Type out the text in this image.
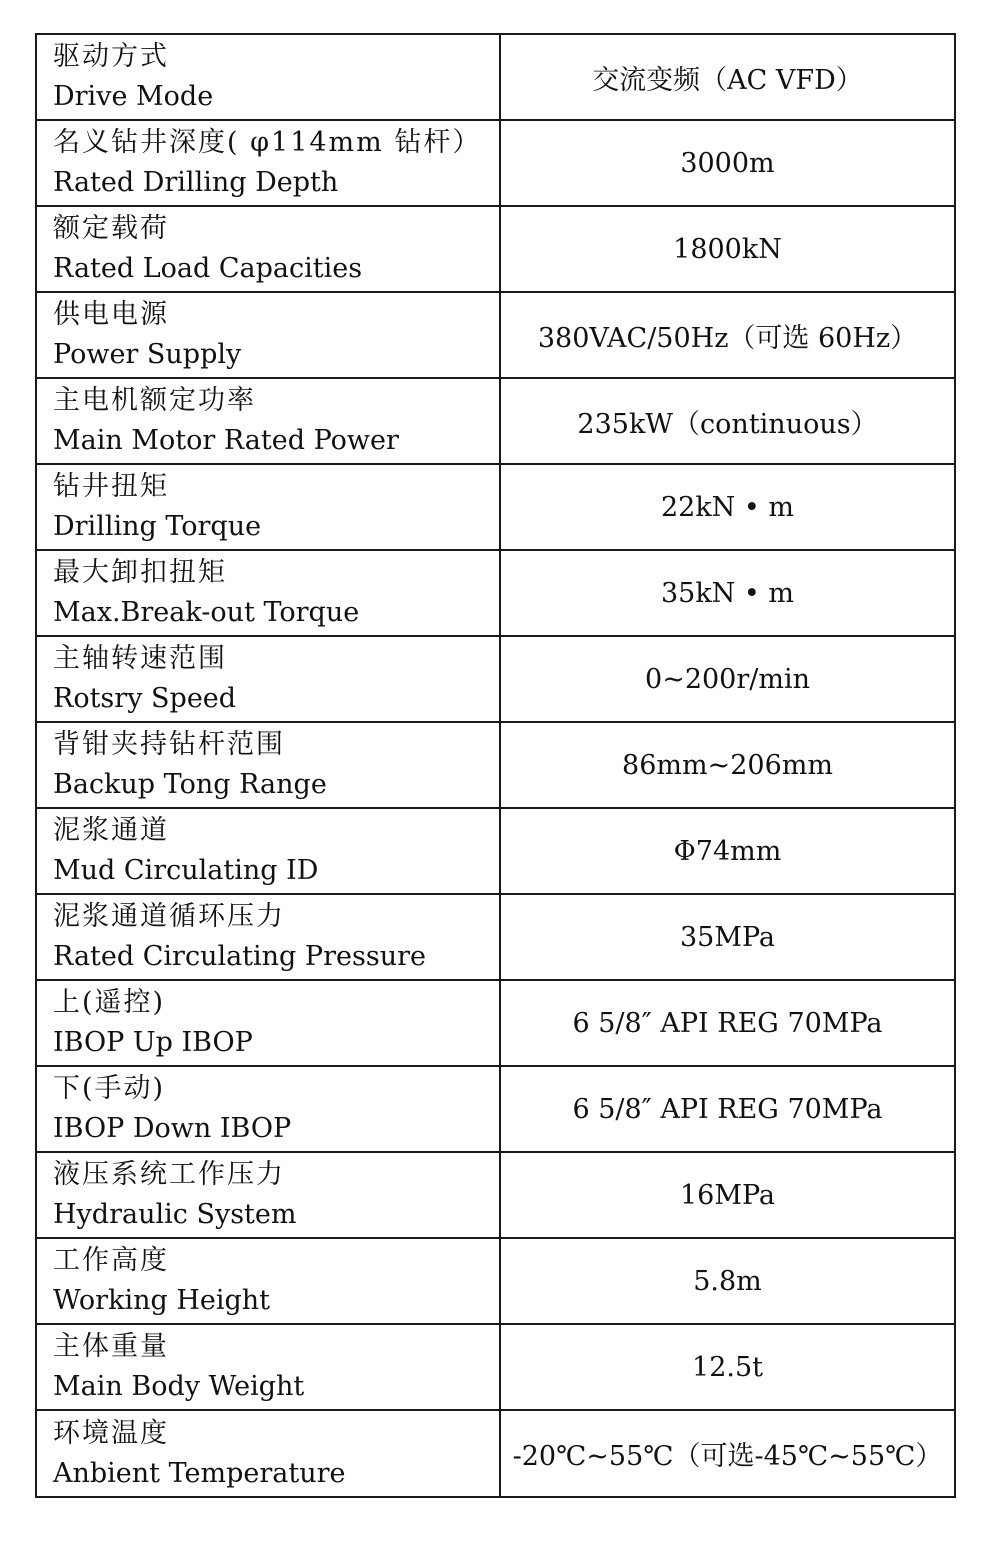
驱动方式
Drive Mode	交流变频（AC VFD）

名义钻井深度( φ114mm 钻杆）
Rated Drilling Depth	3000m

额定载荷
Rated Load Capacities	1800kN

供电电源
Power Supply	380VAC/50Hz（可选 60Hz）

主电机额定功率
Main Motor Rated Power	235kW（continuous）

钻井扭矩
Drilling Torque	22kN • m

最大卸扣扭矩
Max.Break-out Torque	35kN • m

主轴转速范围
Rotsry Speed	0~200r/min

背钳夹持钻杆范围
Backup Tong Range	86mm~206mm

泥浆通道
Mud Circulating ID	Φ74mm

泥浆通道循环压力
Rated Circulating Pressure	35MPa

上(遥控)
IBOP Up IBOP	6 5/8″ API REG 70MPa

下(手动)
IBOP Down IBOP	6 5/8″ API REG 70MPa

液压系统工作压力
Hydraulic System	16MPa

工作高度
Working Height	5.8m

主体重量
Main Body Weight	12.5t

环境温度
Anbient Temperature	-20℃~55℃（可选-45℃~55℃）
